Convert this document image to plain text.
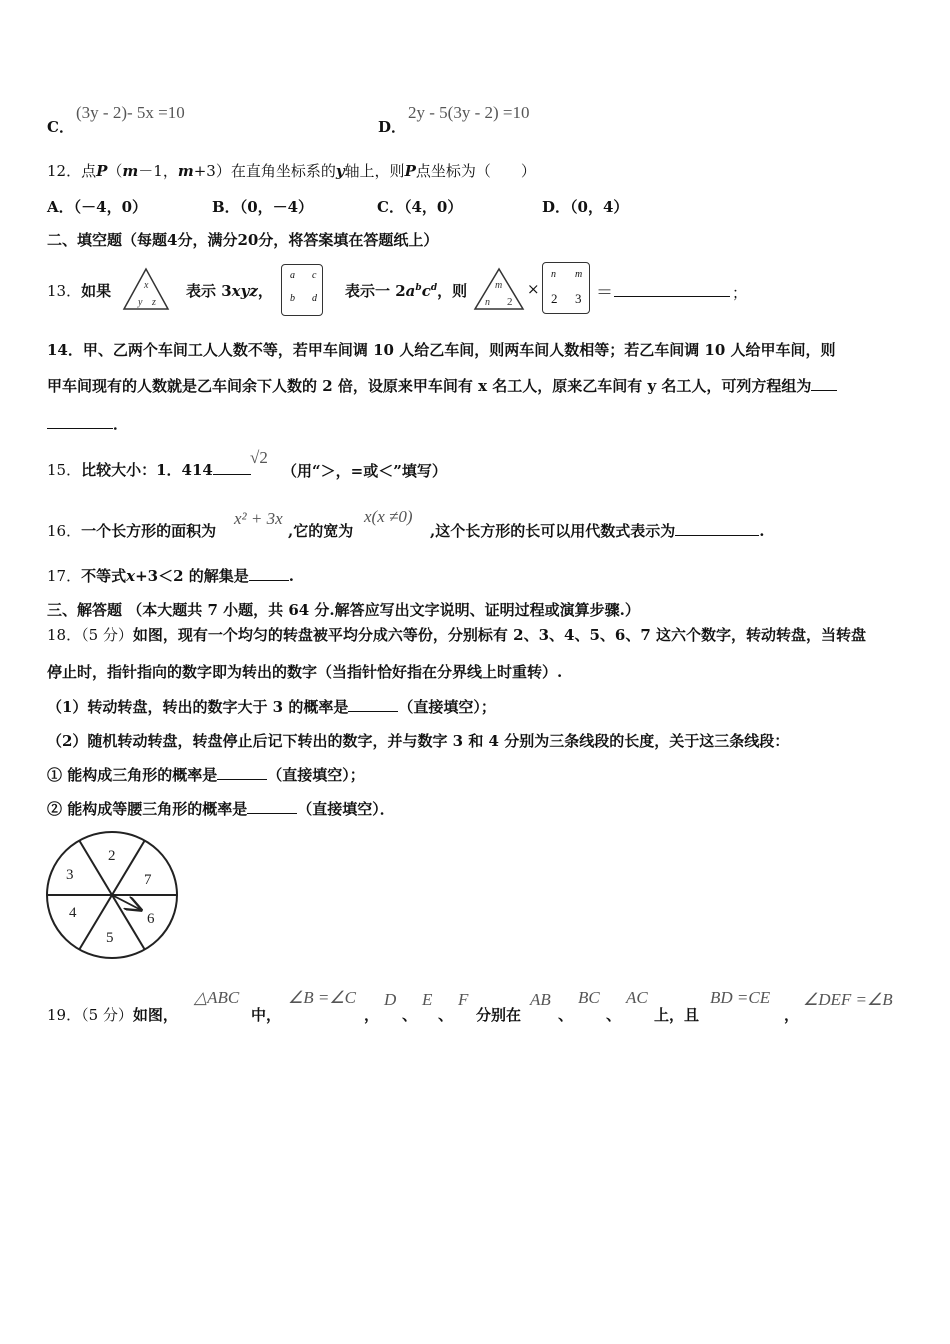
C．
(3y - 2)- 5x =10
D．
2y - 5(3y - 2) =10
12．点P（m－1，m+3）在直角坐标系的y轴上，则P点坐标为（　　）
A．（－4，0）	B．（0，－4）	C．（4，0）	D．（0，4）
二、填空题（每题4分，满分20分，将答案填在答题纸上）
13．如果	x
y z
表示 3xyz，
a c
b d 表示一 $2a^bc^d$，则	m
n 2
×
n m
2 3 ＝	；
14．甲、乙两个车间工人人数不等，若甲车间调 10 人给乙车间，则两车间人数相等；若乙车间调 10 人给甲车间，则
甲车间现有的人数就是乙车间余下人数的 2 倍，设原来甲车间有 x 名工人，原来乙车间有 y 名工人，可列方程组为
．
15．比较大小：1．414
√2
（用“＞，=或＜”填写）
16．一个长方形的面积为
x² + 3x
,它的宽为
x(x ≠0)
,这个长方形的长可以用代数式表示为	.
17．不等式x+3＜2 的解集是	.
三、解答题 （本大题共 7 小题，共 64 分.解答应写出文字说明、证明过程或演算步骤.）
18．（5 分）如图，现有一个均匀的转盘被平均分成六等份，分别标有 2、3、4、5、6、7 这六个数字，转动转盘，当转盘
停止时，指针指向的数字即为转出的数字（当指针恰好指在分界线上时重转）.
（1）转动转盘，转出的数字大于 3 的概率是	（直接填空）；
（2）随机转动转盘，转盘停止后记下转出的数字，并与数字 3 和 4 分别为三条线段的长度，关于这三条线段：
① 能构成三角形的概率是	（直接填空）；
② 能构成等腰三角形的概率是	（直接填空）．
2
7
6
5
4
3
19．（5 分）如图，
△ABC
中，
∠B =∠C
，
D
、
E
、
F
分别在
AB
、
BC
、
AC
上，且
BD =CE
，
∠DEF =∠B
